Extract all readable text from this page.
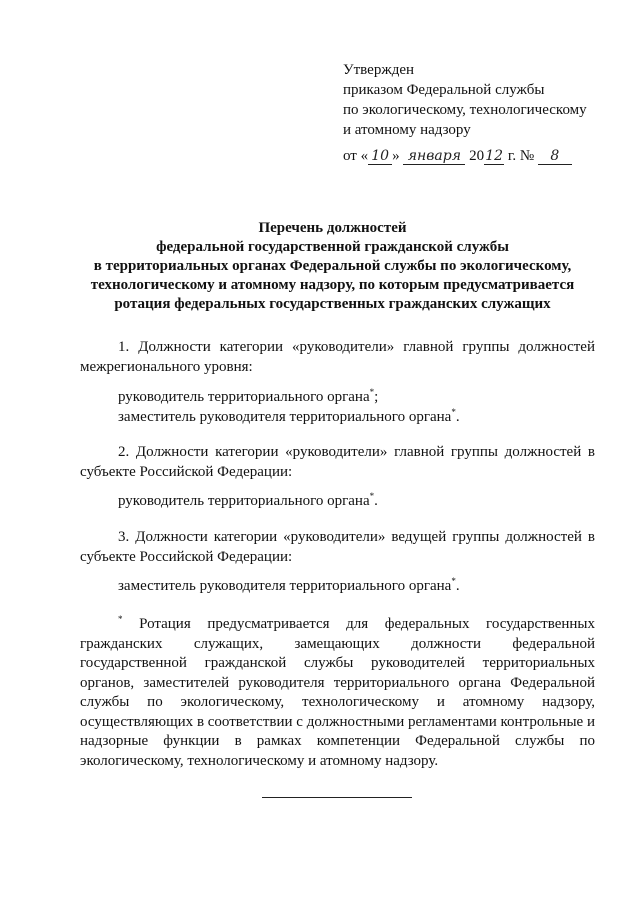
Утвержден
приказом Федеральной службы
по экологическому, технологическому
и атомному надзору
от « 10 » января 2012 г. № 8
Перечень должностей
федеральной государственной гражданской службы
в территориальных органах Федеральной службы по экологическому,
технологическому и атомному надзору, по которым предусматривается
ротация федеральных государственных гражданских служащих
1. Должности категории «руководители» главной группы должностей межрегионального уровня:
руководитель территориального органа*;
заместитель руководителя территориального органа*.
2. Должности категории «руководители» главной группы должностей в субъекте Российской Федерации:
руководитель территориального органа*.
3. Должности категории «руководители» ведущей группы должностей в субъекте Российской Федерации:
заместитель руководителя территориального органа*.
* Ротация предусматривается для федеральных государственных гражданских служащих, замещающих должности федеральной государственной гражданской службы руководителей территориальных органов, заместителей руководителя территориального органа Федеральной службы по экологическому, технологическому и атомному надзору, осуществляющих в соответствии с должностными регламентами контрольные и надзорные функции в рамках компетенции Федеральной службы по экологическому, технологическому и атомному надзору.
